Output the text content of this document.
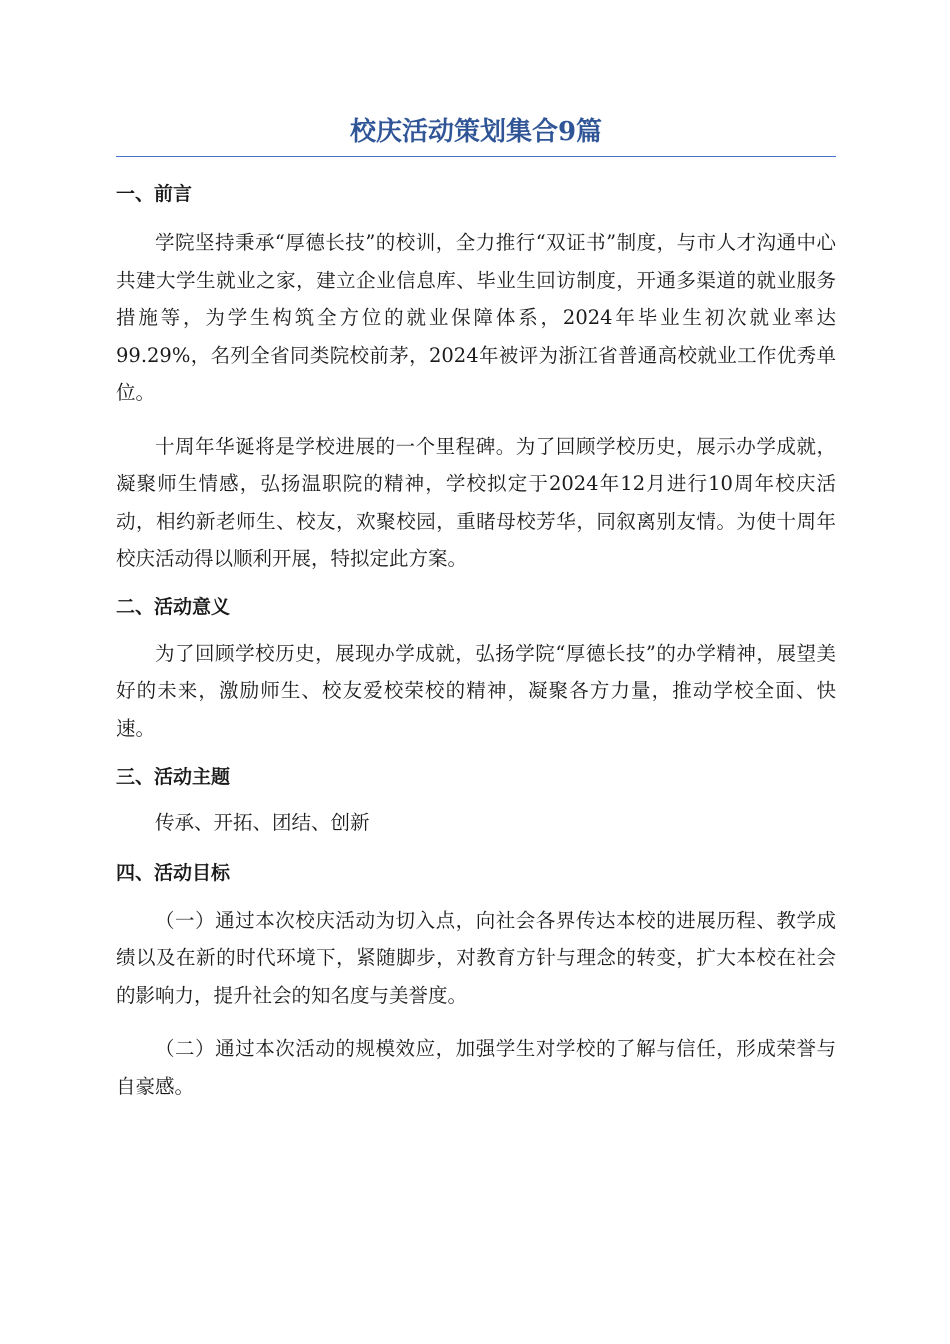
校庆活动策划集合9篇
一、前言

学院坚持秉承“厚德长技”的校训，全力推行“双证书”制度，与市人才沟通中心共建大学生就业之家，建立企业信息库、毕业生回访制度，开通多渠道的就业服务措施等，为学生构筑全方位的就业保障体系，2024年毕业生初次就业率达99.29%，名列全省同类院校前茅，2024年被评为浙江省普通高校就业工作优秀单位。

十周年华诞将是学校进展的一个里程碑。为了回顾学校历史，展示办学成就，凝聚师生情感，弘扬温职院的精神，学校拟定于2024年12月进行10周年校庆活动，相约新老师生、校友，欢聚校园，重睹母校芳华，同叙离别友情。为使十周年校庆活动得以顺利开展，特拟定此方案。

二、活动意义

为了回顾学校历史，展现办学成就，弘扬学院“厚德长技”的办学精神，展望美好的未来，激励师生、校友爱校荣校的精神，凝聚各方力量，推动学校全面、快速。

三、活动主题

传承、开拓、团结、创新

四、活动目标

（一）通过本次校庆活动为切入点，向社会各界传达本校的进展历程、教学成绩以及在新的时代环境下，紧随脚步，对教育方针与理念的转变，扩大本校在社会的影响力，提升社会的知名度与美誉度。

（二）通过本次活动的规模效应，加强学生对学校的了解与信任，形成荣誉与自豪感。
